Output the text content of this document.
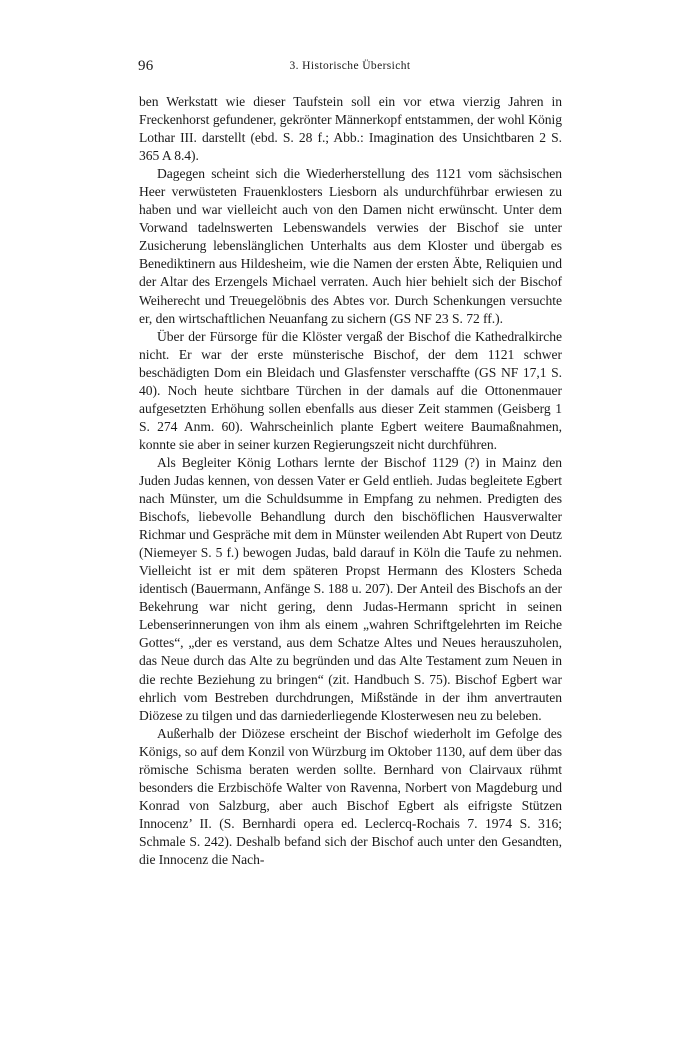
96	3. Historische Übersicht

ben Werkstatt wie dieser Taufstein soll ein vor etwa vierzig Jahren in Freckenhorst gefundener, gekrönter Männerkopf entstammen, der wohl König Lothar III. darstellt (ebd. S. 28 f.; Abb.: Imagination des Unsichtbaren 2 S. 365 A 8.4).

Dagegen scheint sich die Wiederherstellung des 1121 vom sächsischen Heer verwüsteten Frauenklosters Liesborn als undurchführbar erwiesen zu haben und war vielleicht auch von den Damen nicht erwünscht. Unter dem Vorwand tadelnswerten Lebenswandels verwies der Bischof sie unter Zusicherung lebenslänglichen Unterhalts aus dem Kloster und übergab es Benediktinern aus Hildesheim, wie die Namen der ersten Äbte, Reliquien und der Altar des Erzengels Michael verraten. Auch hier behielt sich der Bischof Weiherecht und Treuegelöbnis des Abtes vor. Durch Schenkungen versuchte er, den wirtschaftlichen Neuanfang zu sichern (GS NF 23 S. 72 ff.).

Über der Fürsorge für die Klöster vergaß der Bischof die Kathedralkirche nicht. Er war der erste münsterische Bischof, der dem 1121 schwer beschädigten Dom ein Bleidach und Glasfenster verschaffte (GS NF 17,1 S. 40). Noch heute sichtbare Türchen in der damals auf die Ottonenmauer aufgesetzten Erhöhung sollen ebenfalls aus dieser Zeit stammen (Geisberg 1 S. 274 Anm. 60). Wahrscheinlich plante Egbert weitere Baumaßnahmen, konnte sie aber in seiner kurzen Regierungszeit nicht durchführen.

Als Begleiter König Lothars lernte der Bischof 1129 (?) in Mainz den Juden Judas kennen, von dessen Vater er Geld entlieh. Judas begleitete Egbert nach Münster, um die Schuldsumme in Empfang zu nehmen. Predigten des Bischofs, liebevolle Behandlung durch den bischöflichen Hausverwalter Richmar und Gespräche mit dem in Münster weilenden Abt Rupert von Deutz (Niemeyer S. 5 f.) bewogen Judas, bald darauf in Köln die Taufe zu nehmen. Vielleicht ist er mit dem späteren Propst Hermann des Klosters Scheda identisch (Bauermann, Anfänge S. 188 u. 207). Der Anteil des Bischofs an der Bekehrung war nicht gering, denn Judas-Hermann spricht in seinen Lebenserinnerungen von ihm als einem „wahren Schriftgelehrten im Reiche Gottes“, „der es verstand, aus dem Schatze Altes und Neues herauszuholen, das Neue durch das Alte zu begründen und das Alte Testament zum Neuen in die rechte Beziehung zu bringen“ (zit. Handbuch S. 75). Bischof Egbert war ehrlich vom Bestreben durchdrungen, Mißstände in der ihm anvertrauten Diözese zu tilgen und das darniederliegende Klosterwesen neu zu beleben.

Außerhalb der Diözese erscheint der Bischof wiederholt im Gefolge des Königs, so auf dem Konzil von Würzburg im Oktober 1130, auf dem über das römische Schisma beraten werden sollte. Bernhard von Clairvaux rühmt besonders die Erzbischöfe Walter von Ravenna, Norbert von Magdeburg und Konrad von Salzburg, aber auch Bischof Egbert als eifrigste Stützen Innocenz’ II. (S. Bernhardi opera ed. Leclercq-Rochais 7. 1974 S. 316; Schmale S. 242). Deshalb befand sich der Bischof auch unter den Gesandten, die Innocenz die Nach-
